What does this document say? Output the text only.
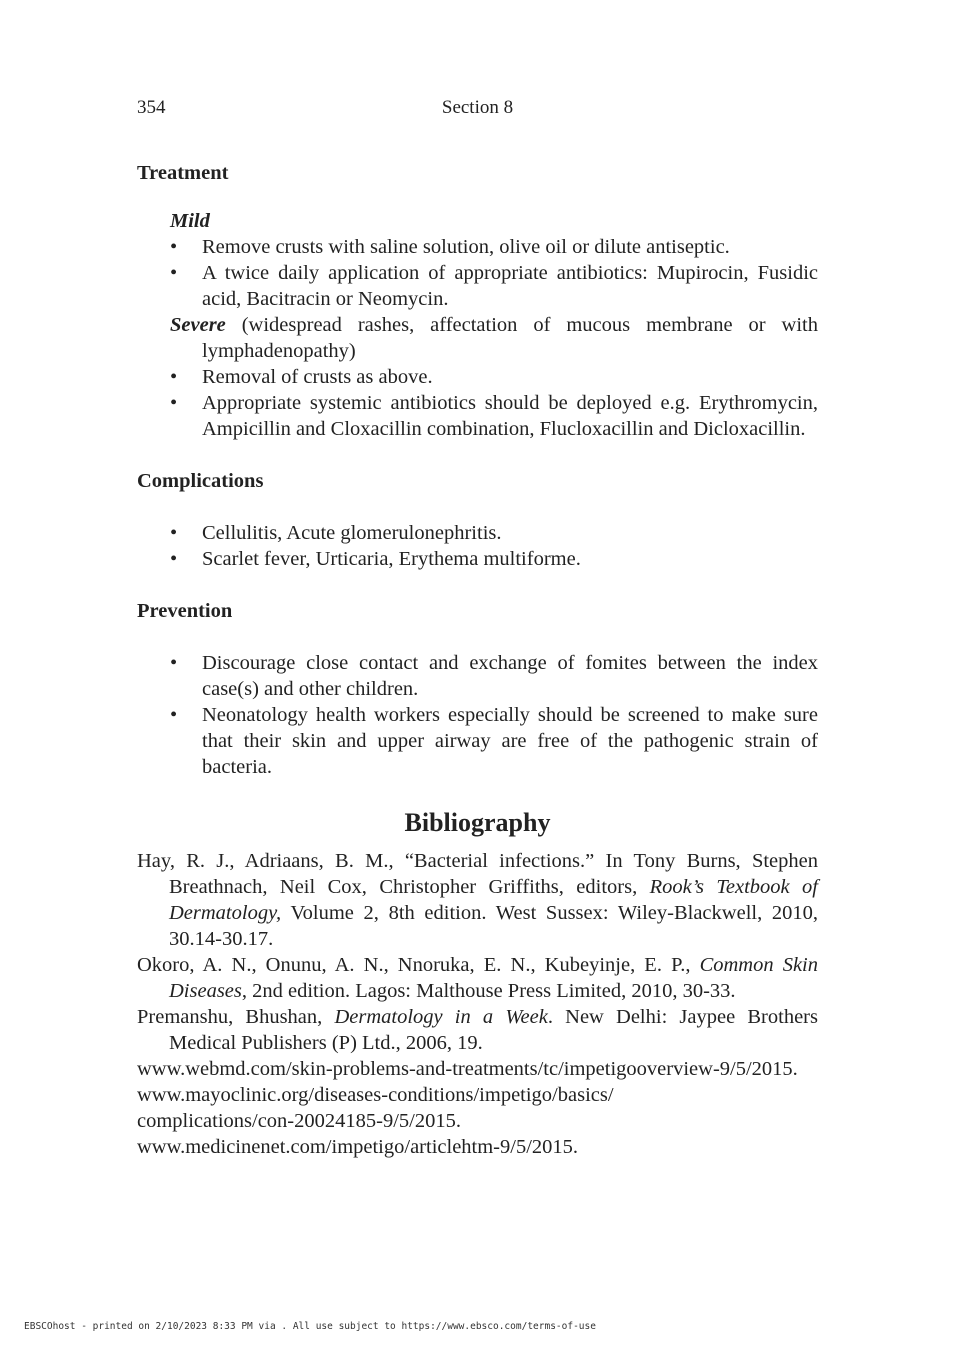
354	Section 8

Treatment

Mild
• Remove crusts with saline solution, olive oil or dilute antiseptic.
• A twice daily application of appropriate antibiotics: Mupirocin, Fusidic acid, Bacitracin or Neomycin.
Severe (widespread rashes, affectation of mucous membrane or with lymphadenopathy)
• Removal of crusts as above.
• Appropriate systemic antibiotics should be deployed e.g. Erythromycin, Ampicillin and Cloxacillin combination, Flucloxacillin and Dicloxacillin.

Complications

• Cellulitis, Acute glomerulonephritis.
• Scarlet fever, Urticaria, Erythema multiforme.

Prevention

• Discourage close contact and exchange of fomites between the index case(s) and other children.
• Neonatology health workers especially should be screened to make sure that their skin and upper airway are free of the pathogenic strain of bacteria.

Bibliography

Hay, R. J., Adriaans, B. M., “Bacterial infections.” In Tony Burns, Stephen Breathnach, Neil Cox, Christopher Griffiths, editors, Rook’s Textbook of Dermatology, Volume 2, 8th edition. West Sussex: Wiley-Blackwell, 2010, 30.14-30.17.

Okoro, A. N., Onunu, A. N., Nnoruka, E. N., Kubeyinje, E. P., Common Skin Diseases, 2nd edition. Lagos: Malthouse Press Limited, 2010, 30-33.

Premanshu, Bhushan, Dermatology in a Week. New Delhi: Jaypee Brothers Medical Publishers (P) Ltd., 2006, 19.

www.webmd.com/skin-problems-and-treatments/tc/impetigooverview-9/5/2015.

www.mayoclinic.org/diseases-conditions/impetigo/basics/
complications/con-20024185-9/5/2015.

www.medicinenet.com/impetigo/articlehtm-9/5/2015.

EBSCOhost - printed on 2/10/2023 8:33 PM via . All use subject to https://www.ebsco.com/terms-of-use
